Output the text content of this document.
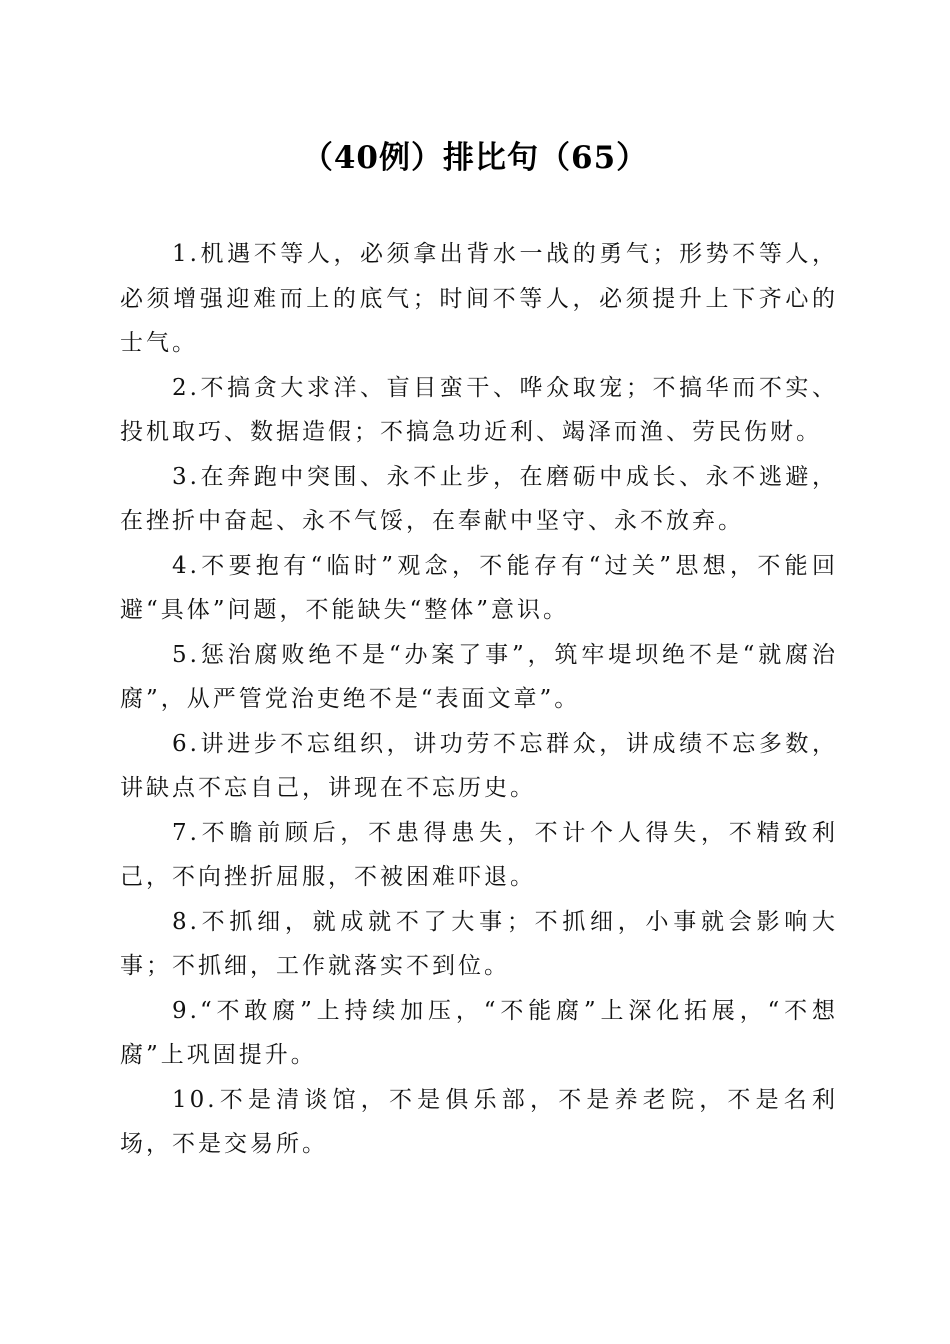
（40例）排比句（65）

1.机遇不等人，必须拿出背水一战的勇气；形势不等人，必须增强迎难而上的底气；时间不等人，必须提升上下齐心的士气。

2.不搞贪大求洋、盲目蛮干、哗众取宠；不搞华而不实、投机取巧、数据造假；不搞急功近利、竭泽而渔、劳民伤财。

3.在奔跑中突围、永不止步，在磨砺中成长、永不逃避，在挫折中奋起、永不气馁，在奉献中坚守、永不放弃。

4.不要抱有“临时”观念，不能存有“过关”思想，不能回避“具体”问题，不能缺失“整体”意识。

5.惩治腐败绝不是“办案了事”，筑牢堤坝绝不是“就腐治腐”，从严管党治吏绝不是“表面文章”。

6.讲进步不忘组织，讲功劳不忘群众，讲成绩不忘多数，讲缺点不忘自己，讲现在不忘历史。

7.不瞻前顾后，不患得患失，不计个人得失，不精致利己，不向挫折屈服，不被困难吓退。

8.不抓细，就成就不了大事；不抓细，小事就会影响大事；不抓细，工作就落实不到位。

9.“不敢腐”上持续加压，“不能腐”上深化拓展，“不想腐”上巩固提升。

10.不是清谈馆，不是俱乐部，不是养老院，不是名利场，不是交易所。
